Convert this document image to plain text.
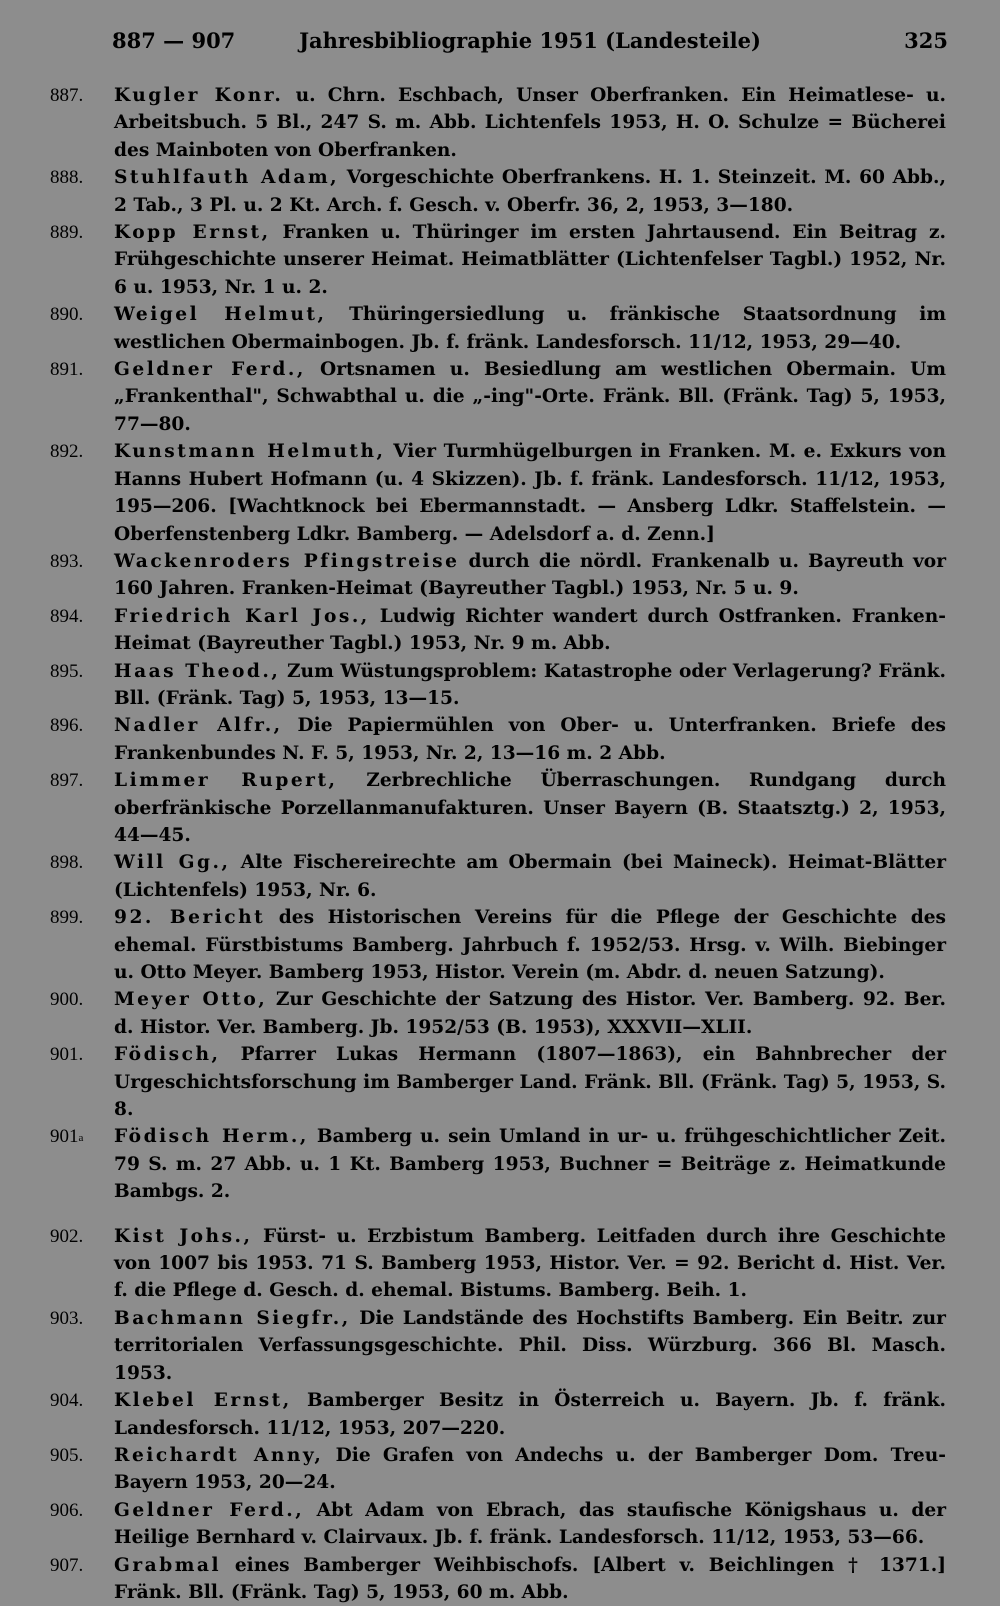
887 — 907	Jahresbibliographie 1951 (Landesteile)	325
887.	Kugler Konr. u. Chrn. Eschbach, Unser Oberfranken. Ein Heimatlese- u. Arbeitsbuch. 5 Bl., 247 S. m. Abb. Lichtenfels 1953, H. O. Schulze = Bücherei des Mainboten von Oberfranken.
888.	Stuhlfauth Adam, Vorgeschichte Oberfrankens. H. 1. Steinzeit. M. 60 Abb., 2 Tab., 3 Pl. u. 2 Kt. Arch. f. Gesch. v. Oberfr. 36, 2, 1953, 3—180.
889.	Kopp Ernst, Franken u. Thüringer im ersten Jahrtausend. Ein Beitrag z. Frühgeschichte unserer Heimat. Heimatblätter (Lichtenfelser Tagbl.) 1952, Nr. 6 u. 1953, Nr. 1 u. 2.
890.	Weigel Helmut, Thüringersiedlung u. fränkische Staatsordnung im westlichen Obermainbogen. Jb. f. fränk. Landesforsch. 11/12, 1953, 29—40.
891.	Geldner Ferd., Ortsnamen u. Besiedlung am westlichen Obermain. Um „Frankenthal", Schwabthal u. die „-ing"-Orte. Fränk. Bll. (Fränk. Tag) 5, 1953, 77—80.
892.	Kunstmann Helmuth, Vier Turmhügelburgen in Franken. M. e. Exkurs von Hanns Hubert Hofmann (u. 4 Skizzen). Jb. f. fränk. Landesforsch. 11/12, 1953, 195—206. [Wachtknock bei Ebermannstadt. — Ansberg Ldkr. Staffelstein. — Oberfenstenberg Ldkr. Bamberg. — Adelsdorf a. d. Zenn.]
893.	Wackenroders Pfingstreise durch die nördl. Frankenalb u. Bayreuth vor 160 Jahren. Franken-Heimat (Bayreuther Tagbl.) 1953, Nr. 5 u. 9.
894.	Friedrich Karl Jos., Ludwig Richter wandert durch Ostfranken. Franken-Heimat (Bayreuther Tagbl.) 1953, Nr. 9 m. Abb.
895.	Haas Theod., Zum Wüstungsproblem: Katastrophe oder Verlagerung? Fränk. Bll. (Fränk. Tag) 5, 1953, 13—15.
896.	Nadler Alfr., Die Papiermühlen von Ober- u. Unterfranken. Briefe des Frankenbundes N. F. 5, 1953, Nr. 2, 13—16 m. 2 Abb.
897.	Limmer Rupert, Zerbrechliche Überraschungen. Rundgang durch oberfränkische Porzellanmanufakturen. Unser Bayern (B. Staatsztg.) 2, 1953, 44—45.
898.	Will Gg., Alte Fischereirechte am Obermain (bei Maineck). Heimat-Blätter (Lichtenfels) 1953, Nr. 6.
899.	92. Bericht des Historischen Vereins für die Pflege der Geschichte des ehemal. Fürstbistums Bamberg. Jahrbuch f. 1952/53. Hrsg. v. Wilh. Biebinger u. Otto Meyer. Bamberg 1953, Histor. Verein (m. Abdr. d. neuen Satzung).
900.	Meyer Otto, Zur Geschichte der Satzung des Histor. Ver. Bamberg. 92. Ber. d. Histor. Ver. Bamberg. Jb. 1952/53 (B. 1953), XXXVII—XLII.
901.	Födisch, Pfarrer Lukas Hermann (1807—1863), ein Bahnbrecher der Urgeschichtsforschung im Bamberger Land. Fränk. Bll. (Fränk. Tag) 5, 1953, S. 8.
901$^a$	Födisch Herm., Bamberg u. sein Umland in ur- u. frühgeschichtlicher Zeit. 79 S. m. 27 Abb. u. 1 Kt. Bamberg 1953, Buchner = Beiträge z. Heimatkunde Bambgs. 2.
902.	Kist Johs., Fürst- u. Erzbistum Bamberg. Leitfaden durch ihre Geschichte von 1007 bis 1953. 71 S. Bamberg 1953, Histor. Ver. = 92. Bericht d. Hist. Ver. f. die Pflege d. Gesch. d. ehemal. Bistums. Bamberg. Beih. 1.
903.	Bachmann Siegfr., Die Landstände des Hochstifts Bamberg. Ein Beitr. zur territorialen Verfassungsgeschichte. Phil. Diss. Würzburg. 366 Bl. Masch. 1953.
904.	Klebel Ernst, Bamberger Besitz in Österreich u. Bayern. Jb. f. fränk. Landesforsch. 11/12, 1953, 207—220.
905.	Reichardt Anny, Die Grafen von Andechs u. der Bamberger Dom. Treu-Bayern 1953, 20—24.
906.	Geldner Ferd., Abt Adam von Ebrach, das staufische Königshaus u. der Heilige Bernhard v. Clairvaux. Jb. f. fränk. Landesforsch. 11/12, 1953, 53—66.
907.	Grabmal eines Bamberger Weihbischofs. [Albert v. Beichlingen † 1371.] Fränk. Bll. (Fränk. Tag) 5, 1953, 60 m. Abb.
